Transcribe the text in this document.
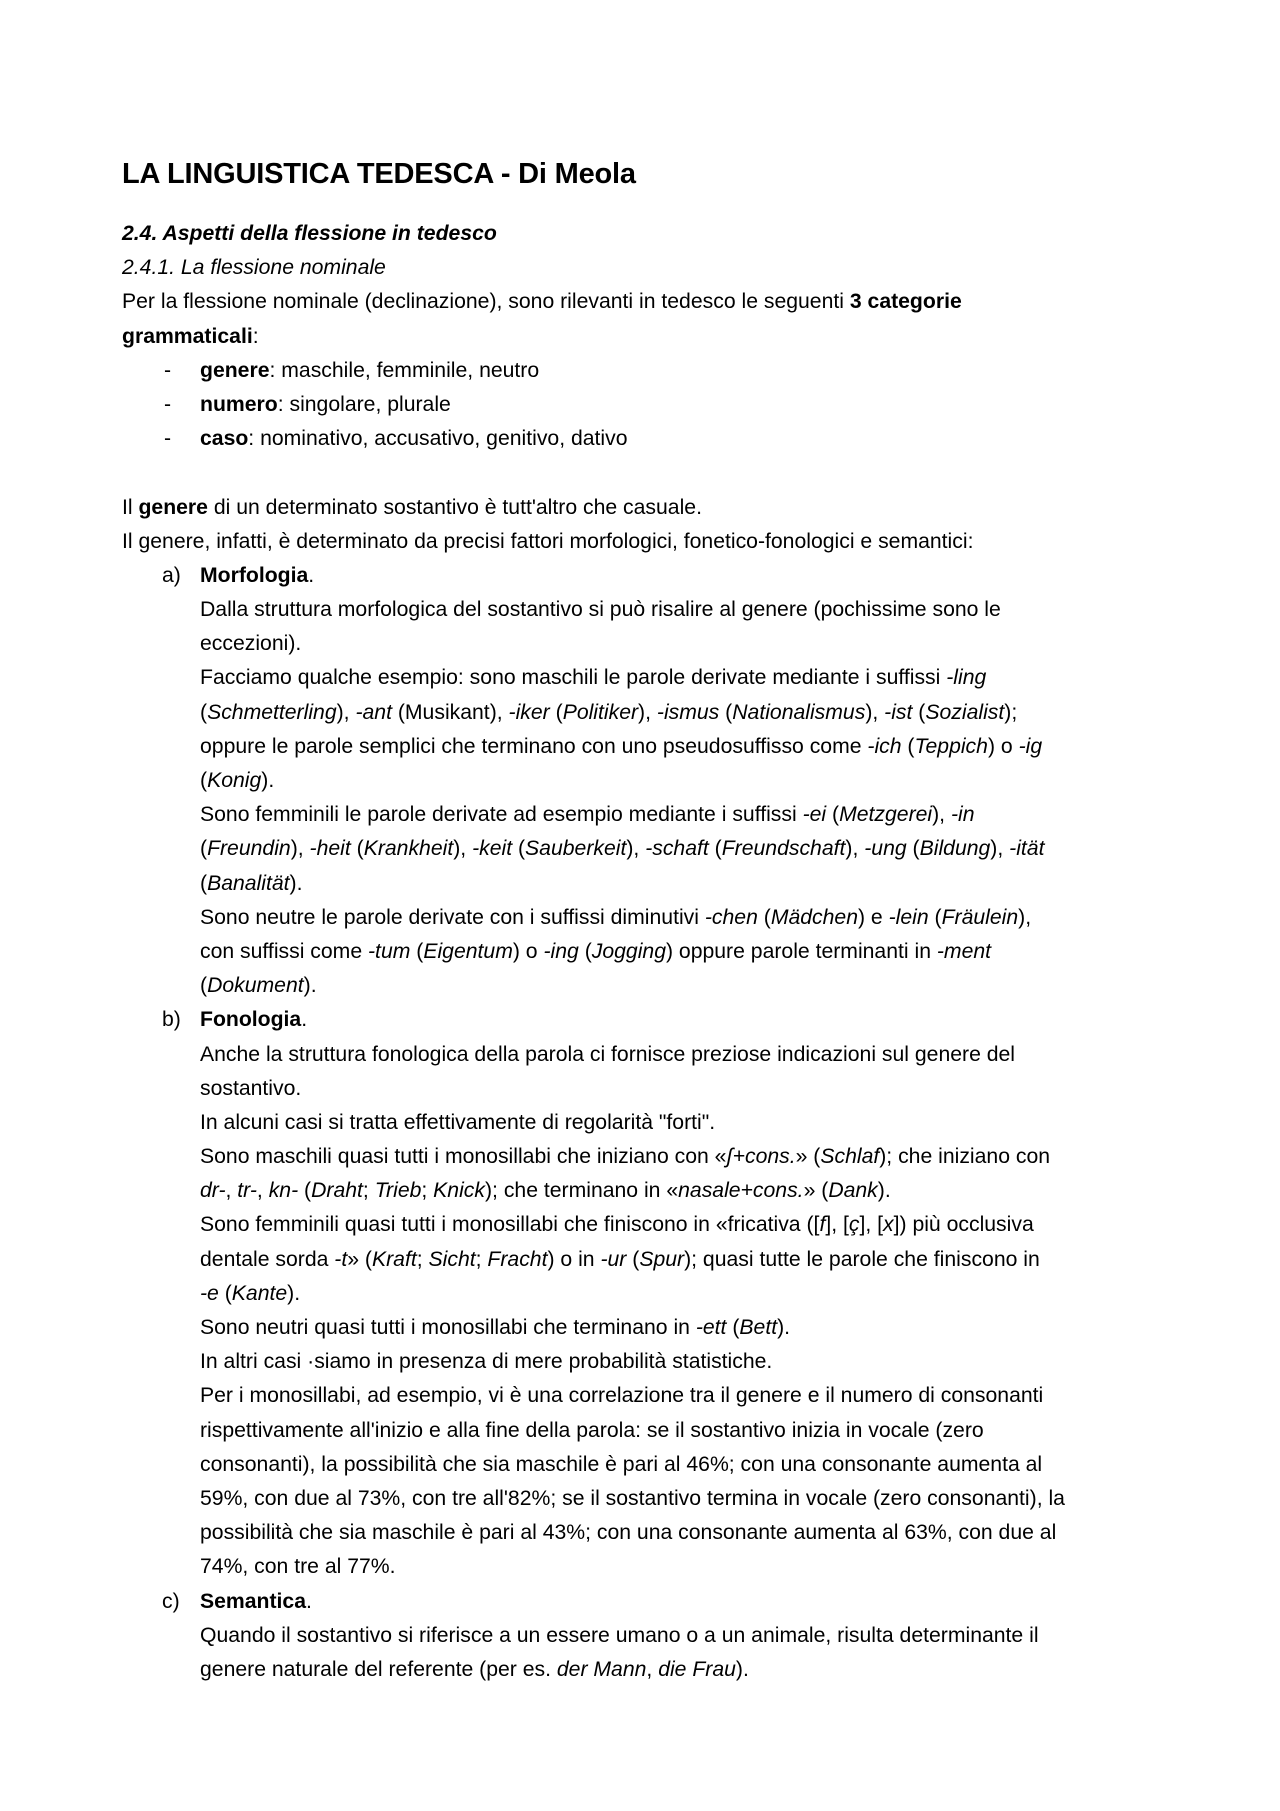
LA LINGUISTICA TEDESCA - Di Meola
2.4. Aspetti della flessione in tedesco
2.4.1. La flessione nominale
Per la flessione nominale (declinazione), sono rilevanti in tedesco le seguenti 3 categorie
grammaticali:
- genere: maschile, femminile, neutro
- numero: singolare, plurale
- caso: nominativo, accusativo, genitivo, dativo
Il genere di un determinato sostantivo è tutt'altro che casuale.
Il genere, infatti, è determinato da precisi fattori morfologici, fonetico-fonologici e semantici:
a) Morfologia.
Dalla struttura morfologica del sostantivo si può risalire al genere (pochissime sono le
eccezioni).
Facciamo qualche esempio: sono maschili le parole derivate mediante i suffissi -ling
(Schmetterling), -ant (Musikant), -iker (Politiker), -ismus (Nationalismus), -ist (Sozialist);
oppure le parole semplici che terminano con uno pseudosuffisso come -ich (Teppich) o -ig
(Konig).
Sono femminili le parole derivate ad esempio mediante i suffissi -ei (Metzgerei), -in
(Freundin), -heit (Krankheit), -keit (Sauberkeit), -schaft (Freundschaft), -ung (Bildung), -ität
(Banalität).
Sono neutre le parole derivate con i suffissi diminutivi -chen (Mädchen) e -lein (Fräulein),
con suffissi come -tum (Eigentum) o -ing (Jogging) oppure parole terminanti in -ment
(Dokument).
b) Fonologia.
Anche la struttura fonologica della parola ci fornisce preziose indicazioni sul genere del
sostantivo.
In alcuni casi si tratta effettivamente di regolarità "forti".
Sono maschili quasi tutti i monosillabi che iniziano con «ʃ+cons.» (Schlaf); che iniziano con
dr-, tr-, kn- (Draht; Trieb; Knick); che terminano in «nasale+cons.» (Dank).
Sono femminili quasi tutti i monosillabi che finiscono in «fricativa ([f], [ç], [x]) più occlusiva
dentale sorda -t» (Kraft; Sicht; Fracht) o in -ur (Spur); quasi tutte le parole che finiscono in
-e (Kante).
Sono neutri quasi tutti i monosillabi che terminano in -ett (Bett).
In altri casi ·siamo in presenza di mere probabilità statistiche.
Per i monosillabi, ad esempio, vi è una correlazione tra il genere e il numero di consonanti
rispettivamente all'inizio e alla fine della parola: se il sostantivo inizia in vocale (zero
consonanti), la possibilità che sia maschile è pari al 46%; con una consonante aumenta al
59%, con due al 73%, con tre all'82%; se il sostantivo termina in vocale (zero consonanti), la
possibilità che sia maschile è pari al 43%; con una consonante aumenta al 63%, con due al
74%, con tre al 77%.
c) Semantica.
Quando il sostantivo si riferisce a un essere umano o a un animale, risulta determinante il
genere naturale del referente (per es. der Mann, die Frau).
